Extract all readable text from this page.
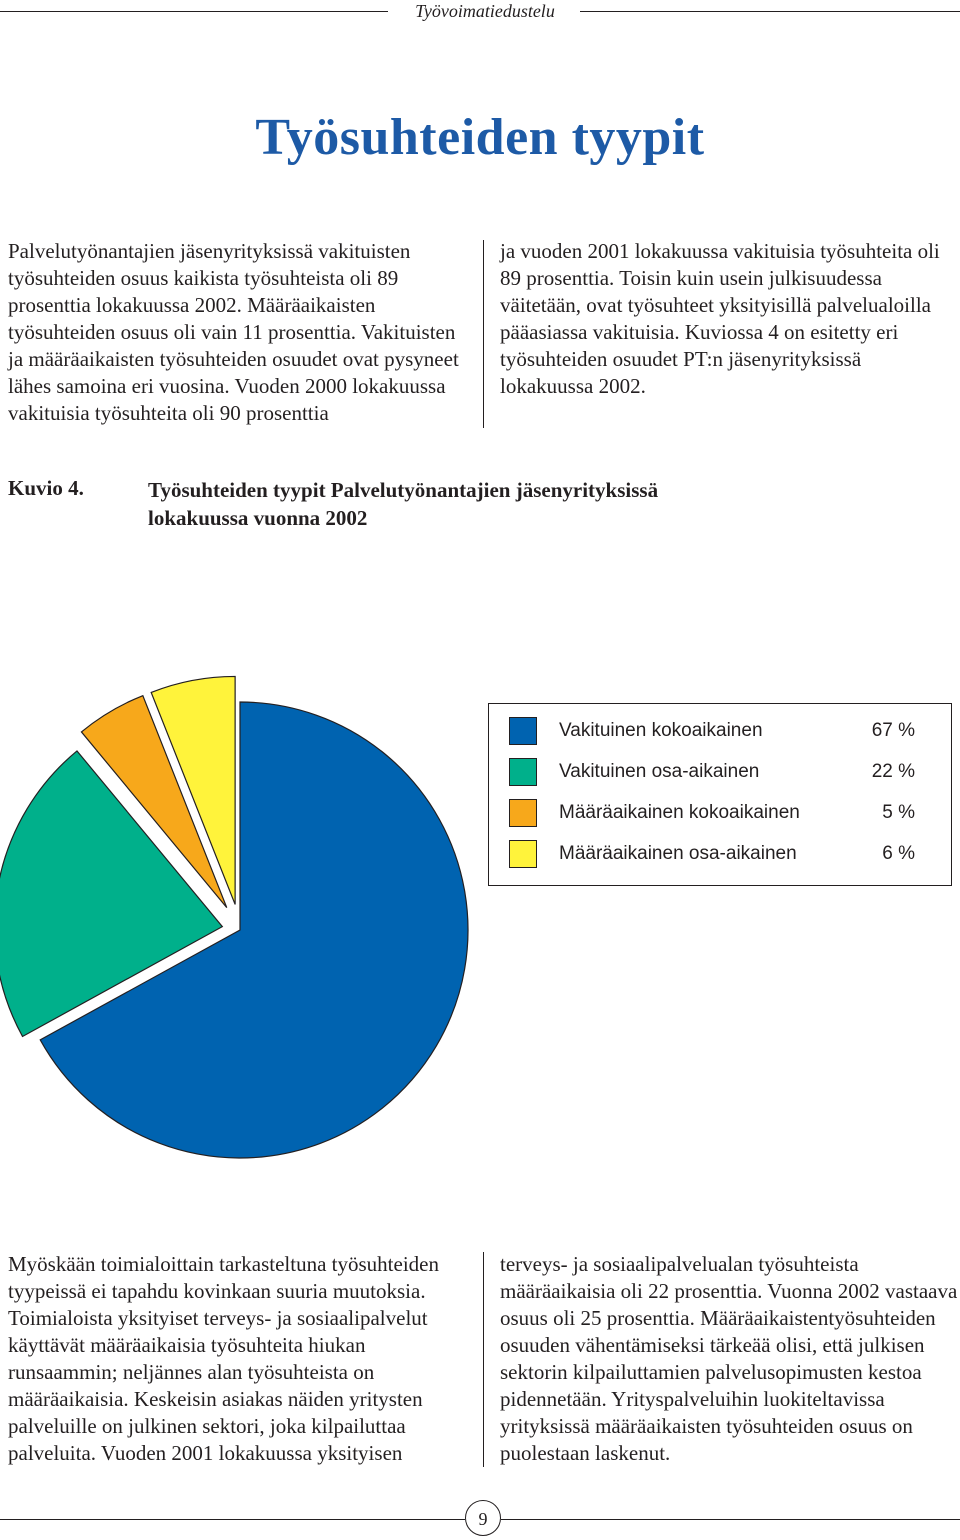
Työvoimatiedustelu
Työsuhteiden tyypit

Palvelutyönantajien jäsenyrityksissä vakituisten työsuhteiden osuus kaikista työsuhteista oli 89 prosenttia lokakuussa 2002. Määräaikaisten työsuhteiden osuus oli vain 11 prosenttia. Vakituisten ja määräaikaisten työsuhteiden osuudet ovat pysyneet lähes samoina eri vuosina. Vuoden 2000 lokakuussa vakituisia työsuhteita oli 90 prosenttia

ja vuoden 2001 lokakuussa vakituisia työsuhteita oli 89 prosenttia. Toisin kuin usein julkisuudessa väitetään, ovat työsuhteet yksityisillä palvelualoilla pääasiassa vakituisia. Kuviossa 4 on esitetty eri työsuhteiden osuudet PT:n jäsenyrityksissä lokakuussa 2002.

Kuvio 4.	Työsuhteiden tyypit Palvelutyönantajien jäsenyrityksissä lokakuussa vuonna 2002
Vakituinen kokoaikainen	67 %
Vakituinen osa-aikainen	22 %
Määräaikainen kokoaikainen	5 %
Määräaikainen osa-aikainen	6 %

Myöskään toimialoittain tarkasteltuna työsuhteiden tyypeissä ei tapahdu kovinkaan suuria muutoksia. Toimialoista yksityiset terveys- ja sosiaalipalvelut käyttävät määräaikaisia työsuhteita hiukan runsaammin; neljännes alan työsuhteista on määräaikaisia. Keskeisin asiakas näiden yritysten palveluille on julkinen sektori, joka kilpailuttaa palveluita. Vuoden 2001 lokakuussa yksityisen

terveys- ja sosiaalipalvelualan työsuhteista määräaikaisia oli 22 prosenttia. Vuonna 2002 vastaava osuus oli 25 prosenttia. Määräaikaistentyösuhteiden osuuden vähentämiseksi tärkeää olisi, että julkisen sektorin kilpailuttamien palvelusopimusten kestoa pidennetään. Yrityspalveluihin luokiteltavissa yrityksissä määräaikaisten työsuhteiden osuus on puolestaan laskenut.

9
